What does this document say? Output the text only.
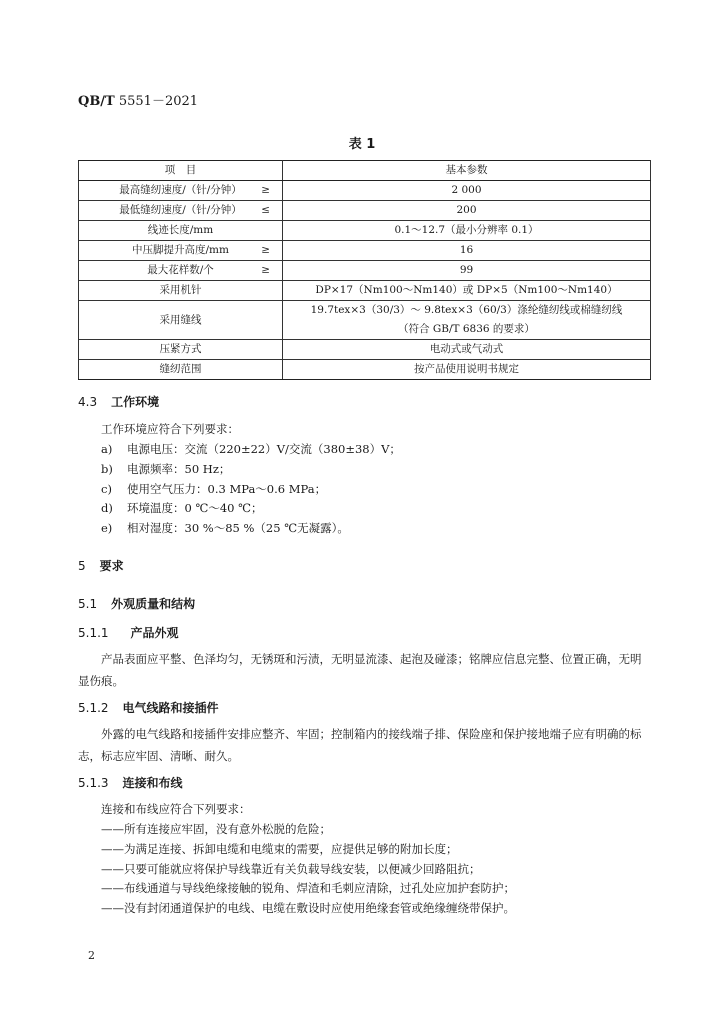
QB/T 5551－2021
表 1
项　目	基本参数
最高缝纫速度/（针/分钟） ≥	2 000
最低缝纫速度/（针/分钟） ≤	200
线迹长度/mm	0.1～12.7（最小分辨率 0.1）
中压脚提升高度/mm ≥	16
最大花样数/个 ≥	99
采用机针	DP×17（Nm100～Nm140）或 DP×5（Nm100～Nm140）
采用缝线	19.7tex×3（30/3）～ 9.8tex×3（60/3）涤纶缝纫线或棉缝纫线
（符合 GB/T 6836 的要求）

压紧方式	电动式或气动式
缝纫范围	按产品使用说明书规定
4.3 工作环境
工作环境应符合下列要求：
a) 电源电压：交流（220±22）V/交流（380±38）V；
b) 电源频率：50 Hz；
c) 使用空气压力：0.3 MPa～0.6 MPa；
d) 环境温度：0 ℃～40 ℃；
e) 相对湿度：30 %～85 %（25 ℃无凝露）。
5 要求
5.1 外观质量和结构
5.1.1 产品外观
产品表面应平整、色泽均匀，无锈斑和污渍，无明显流漆、起泡及碰漆；铭牌应信息完整、位置正确，无明显伤痕。
5.1.2 电气线路和接插件
外露的电气线路和接插件安排应整齐、牢固；控制箱内的接线端子排、保险座和保护接地端子应有明确的标志，标志应牢固、清晰、耐久。
5.1.3 连接和布线
连接和布线应符合下列要求：
——所有连接应牢固，没有意外松脱的危险；
——为满足连接、拆卸电缆和电缆束的需要，应提供足够的附加长度；
——只要可能就应将保护导线靠近有关负载导线安装，以便减少回路阻抗；
——布线通道与导线绝缘接触的锐角、焊渣和毛刺应清除，过孔处应加护套防护；
——没有封闭通道保护的电线、电缆在敷设时应使用绝缘套管或绝缘缠绕带保护。
2
